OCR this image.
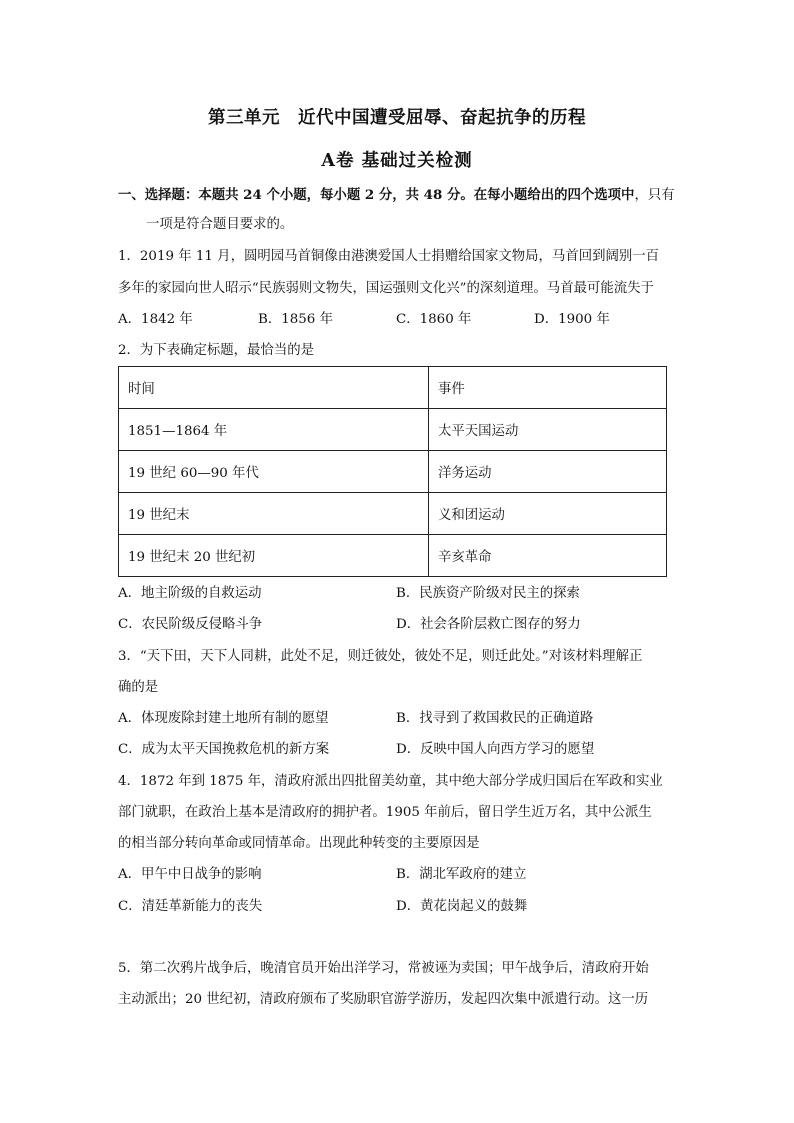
第三单元　近代中国遭受屈辱、奋起抗争的历程
A卷 基础过关检测
一、选择题：本题共 24 个小题，每小题 2 分，共 48 分。在每小题给出的四个选项中，只有
一项是符合题目要求的。
1．2019 年 11 月，圆明园马首铜像由港澳爱国人士捐赠给国家文物局，马首回到阔别一百
多年的家园向世人昭示“民族弱则文物失，国运强则文化兴”的深刻道理。马首最可能流失于
A．1842 年	B．1856 年	C．1860 年	D．1900 年
2．为下表确定标题，最恰当的是
时间	事件
1851—1864 年	太平天国运动
19 世纪 60—90 年代	洋务运动
19 世纪末	义和团运动
19 世纪末 20 世纪初	辛亥革命
A．地主阶级的自救运动	B．民族资产阶级对民主的探索
C．农民阶级反侵略斗争	D．社会各阶层救亡图存的努力
3．“天下田，天下人同耕，此处不足，则迁彼处，彼处不足，则迁此处。”对该材料理解正
确的是
A．体现废除封建土地所有制的愿望	B．找寻到了救国救民的正确道路
C．成为太平天国挽救危机的新方案	D．反映中国人向西方学习的愿望
4．1872 年到 1875 年，清政府派出四批留美幼童，其中绝大部分学成归国后在军政和实业
部门就职，在政治上基本是清政府的拥护者。1905 年前后，留日学生近万名，其中公派生
的相当部分转向革命或同情革命。出现此种转变的主要原因是
A．甲午中日战争的影响	B．湖北军政府的建立
C．清廷革新能力的丧失	D．黄花岗起义的鼓舞
5．第二次鸦片战争后，晚清官员开始出洋学习，常被诬为卖国；甲午战争后，清政府开始
主动派出；20 世纪初，清政府颁布了奖励职官游学游历，发起四次集中派遣行动。这一历
